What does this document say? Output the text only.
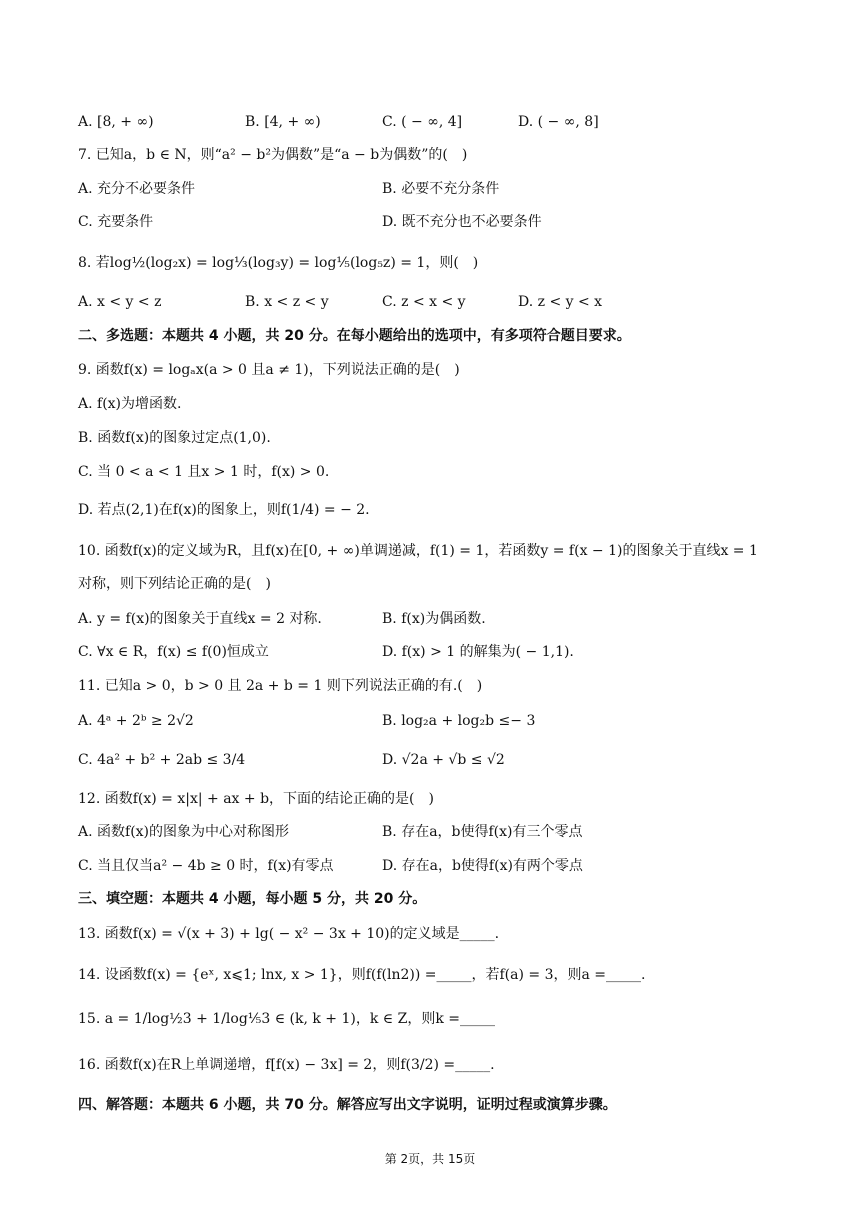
A. [8, + ∞)	B. [4, + ∞)	C. ( − ∞, 4]	D. ( − ∞, 8]
7. 已知a，b ∈ N，则“a² − b²为偶数”是“a − b为偶数”的(　)
A. 充分不必要条件	B. 必要不充分条件
C. 充要条件	D. 既不充分也不必要条件
8. 若log½(log₂x) = log⅓(log₃y) = log⅕(log₅z) = 1，则(　)
A. x < y < z	B. x < z < y	C. z < x < y	D. z < y < x
二、多选题：本题共 4 小题，共 20 分。在每小题给出的选项中，有多项符合题目要求。
9. 函数f(x) = logₐx(a > 0 且a ≠ 1)，下列说法正确的是(　)
A. f(x)为增函数.
B. 函数f(x)的图象过定点(1,0).
C. 当 0 < a < 1 且x > 1 时，f(x) > 0.
D. 若点(2,1)在f(x)的图象上，则f(1/4) = − 2.
10. 函数f(x)的定义域为R，且f(x)在[0, + ∞)单调递减，f(1) = 1，若函数y = f(x − 1)的图象关于直线x = 1
对称，则下列结论正确的是(　)
A. y = f(x)的图象关于直线x = 2 对称.	B. f(x)为偶函数.
C. ∀x ∈ R，f(x) ≤ f(0)恒成立	D. f(x) > 1 的解集为( − 1,1).
11. 已知a > 0，b > 0 且 2a + b = 1 则下列说法正确的有.(　)
A. 4ᵃ + 2ᵇ ≥ 2√2	B. log₂a + log₂b ≤− 3
C. 4a² + b² + 2ab ≤ 3/4	D. √2a + √b ≤ √2
12. 函数f(x) = x|x| + ax + b，下面的结论正确的是(　)
A. 函数f(x)的图象为中心对称图形	B. 存在a，b使得f(x)有三个零点
C. 当且仅当a² − 4b ≥ 0 时，f(x)有零点	D. 存在a，b使得f(x)有两个零点
三、填空题：本题共 4 小题，每小题 5 分，共 20 分。
13. 函数f(x) = √(x + 3) + lg( − x² − 3x + 10)的定义域是_____.
14. 设函数f(x) = {eˣ, x⩽1; lnx, x > 1}，则f(f(ln2)) =_____，若f(a) = 3，则a =_____.
15. a = 1/log½3 + 1/log⅕3 ∈ (k, k + 1)，k ∈ Z，则k =_____
16. 函数f(x)在R上单调递增，f[f(x) − 3x] = 2，则f(3/2) =_____.
四、解答题：本题共 6 小题，共 70 分。解答应写出文字说明，证明过程或演算步骤。
第 2页，共 15页
